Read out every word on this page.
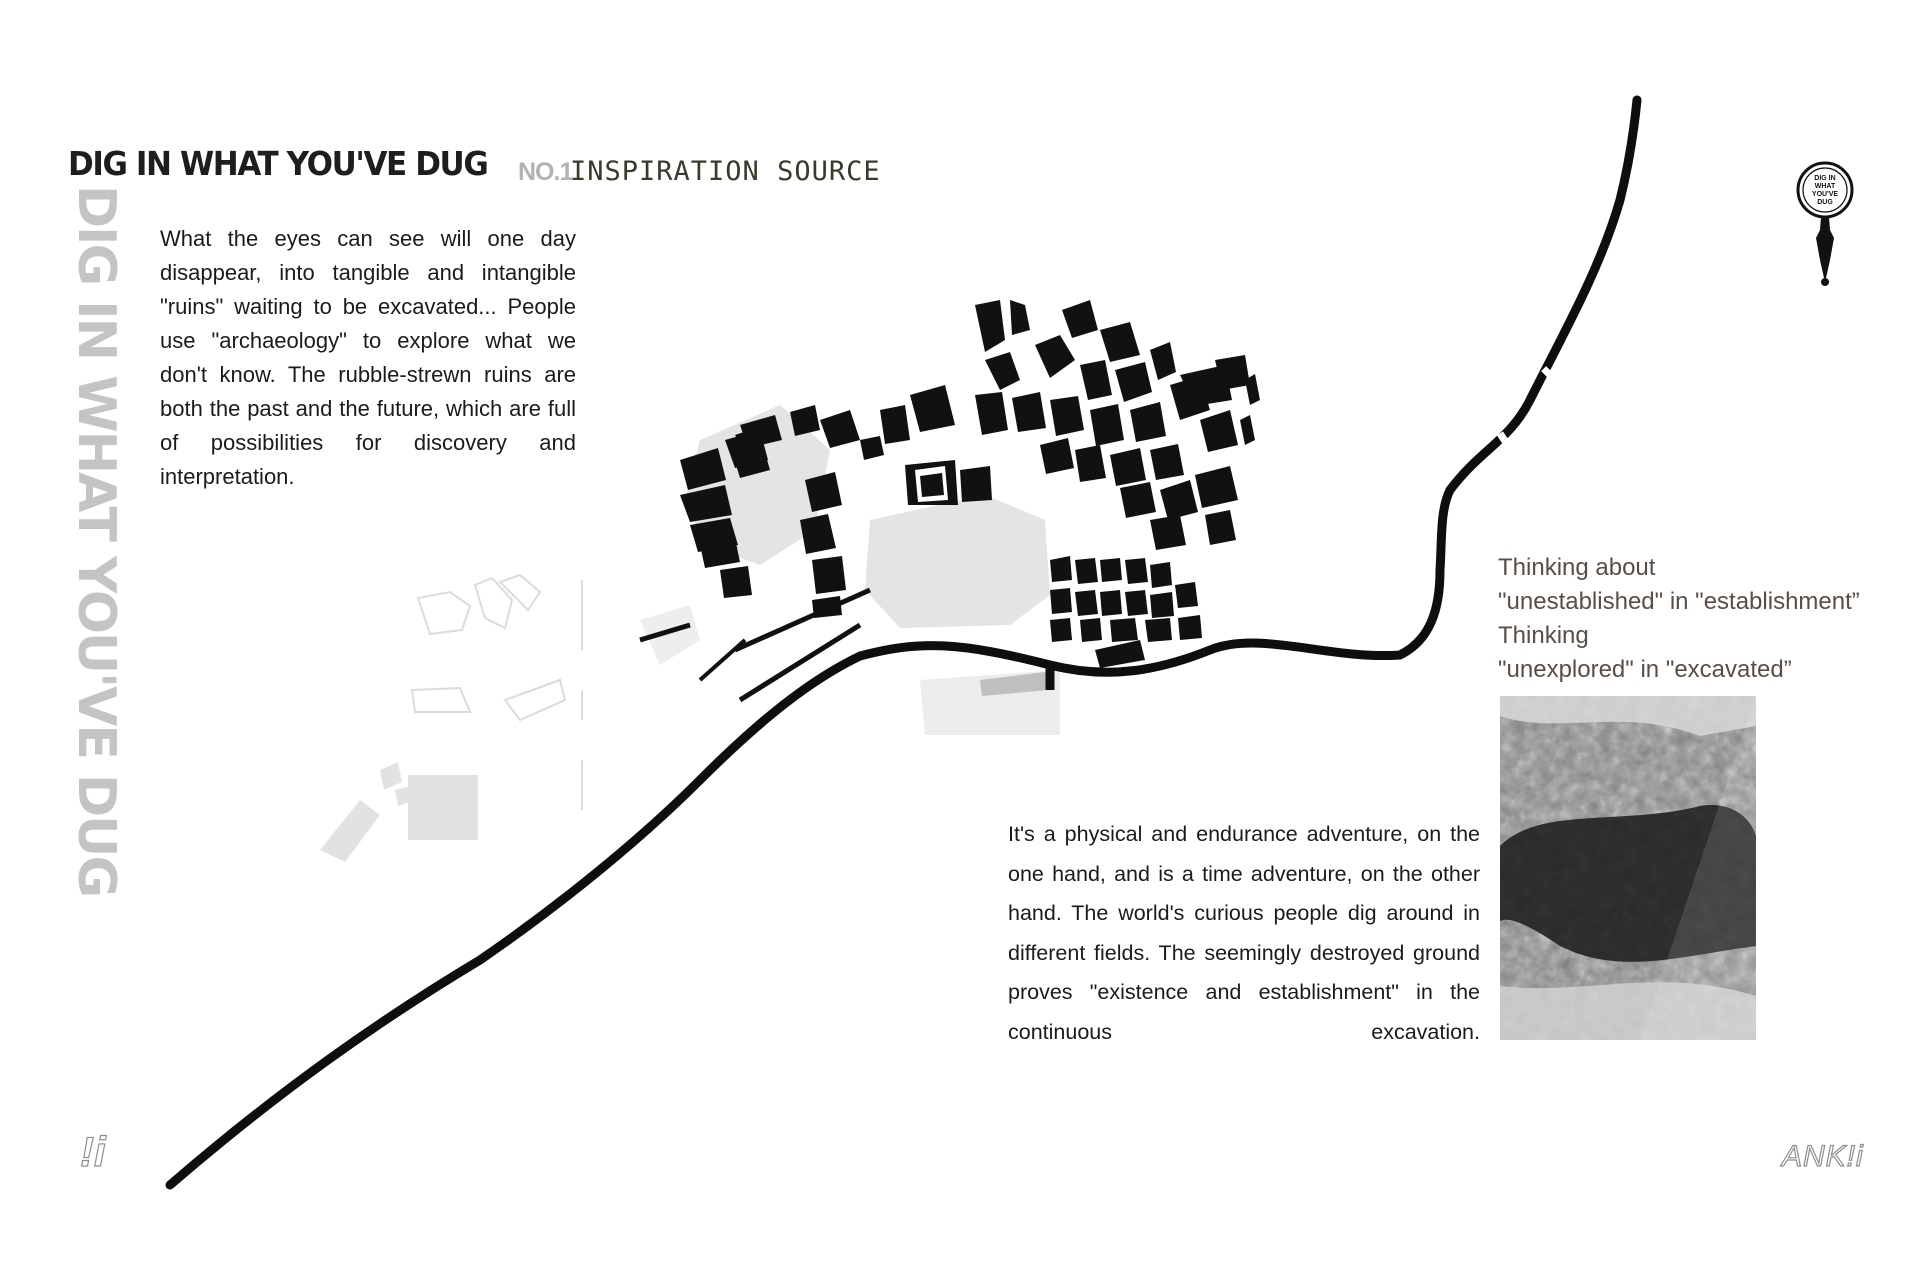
DIG IN WHAT YOU'VE DUG
DIG IN WHAT YOU'VE DUG
NO.1
INSPIRATION SOURCE
What the eyes can see will one day disappear, into tangible and intangible "ruins" waiting to be excavated... People use "archaeology" to explore what we don't know. The rubble-strewn ruins are both the past and the future, which are full of possibilities for discovery and interpretation.
Thinking about
"unestablished" in "establishment”
Thinking
"unexplored" in "excavated”
It's a physical and endurance adventure, on the one hand, and is a time adventure, on the other hand. The world's curious people dig around in different fields. The seemingly destroyed ground proves "existence and establishment" in the continuous excavation.
DIG IN
WHAT
YOU'VE
DUG
!i	ANK!i
